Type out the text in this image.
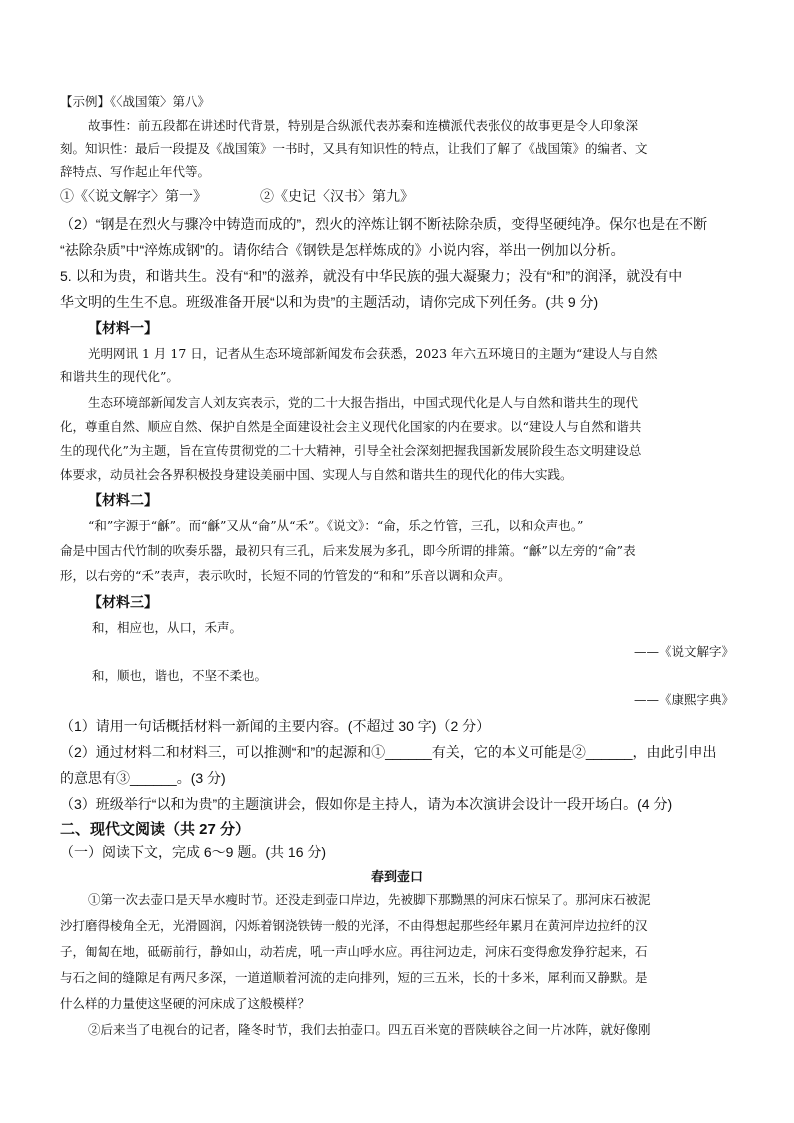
【示例】《〈战国策〉第八》
故事性：前五段都在讲述时代背景，特别是合纵派代表苏秦和连横派代表张仪的故事更是令人印象深
刻。知识性：最后一段提及《战国策》一书时，又具有知识性的特点，让我们了解了《战国策》的编者、文
辞特点、写作起止年代等。
①《〈说文解字〉第一》	②《史记〈汉书〉第九》
（2）“钢是在烈火与骤冷中铸造而成的”，烈火的淬炼让钢不断祛除杂质，变得坚硬纯净。保尔也是在不断
“祛除杂质”中“淬炼成钢”的。请你结合《钢铁是怎样炼成的》小说内容，举出一例加以分析。
5. 以和为贵，和谐共生。没有“和”的滋养，就没有中华民族的强大凝聚力；没有“和”的润泽，就没有中
华文明的生生不息。班级准备开展“以和为贵”的主题活动，请你完成下列任务。(共 9 分)
【材料一】
光明网讯 1 月 17 日，记者从生态环境部新闻发布会获悉，2023 年六五环境日的主题为“建设人与自然
和谐共生的现代化”。
生态环境部新闻发言人刘友宾表示，党的二十大报告指出，中国式现代化是人与自然和谐共生的现代
化，尊重自然、顺应自然、保护自然是全面建设社会主义现代化国家的内在要求。以“建设人与自然和谐共
生的现代化”为主题，旨在宣传贯彻党的二十大精神，引导全社会深刻把握我国新发展阶段生态文明建设总
体要求，动员社会各界积极投身建设美丽中国、实现人与自然和谐共生的现代化的伟大实践。
【材料二】
“和”字源于“龢”。而“龢”又从“侖”从“禾”。《说文》：“侖，乐之竹管，三孔，以和众声也。”
侖是中国古代竹制的吹奏乐器，最初只有三孔，后来发展为多孔，即今所谓的排箫。“龢”以左旁的“侖”表
形，以右旁的“禾”表声，表示吹时，长短不同的竹管发的“和和”乐音以调和众声。
【材料三】
和，相应也，从口，禾声。
——《说文解字》
和，顺也，谐也，不坚不柔也。
——《康熙字典》
（1）请用一句话概括材料一新闻的主要内容。(不超过 30 字)（2 分）
（2）通过材料二和材料三，可以推测“和”的起源和①______有关，它的本义可能是②______，由此引申出
的意思有③______。(3 分)
（3）班级举行“以和为贵”的主题演讲会，假如你是主持人，请为本次演讲会设计一段开场白。(4 分)
二、现代文阅读（共 27 分）
（一）阅读下文，完成 6～9 题。(共 16 分)
春到壶口
①第一次去壶口是天旱水瘦时节。还没走到壶口岸边，先被脚下那黝黑的河床石惊呆了。那河床石被泥
沙打磨得棱角全无，光滑圆润，闪烁着钢浇铁铸一般的光泽，不由得想起那些经年累月在黄河岸边拉纤的汉
子，匍匐在地，砥砺前行，静如山，动若虎，吼一声山呼水应。再往河边走，河床石变得愈发狰狞起来，石
与石之间的缝隙足有两尺多深，一道道顺着河流的走向排列，短的三五米，长的十多米，犀利而又静默。是
什么样的力量使这坚硬的河床成了这般模样？
②后来当了电视台的记者，隆冬时节，我们去拍壶口。四五百米宽的晋陕峡谷之间一片冰阵，就好像刚
